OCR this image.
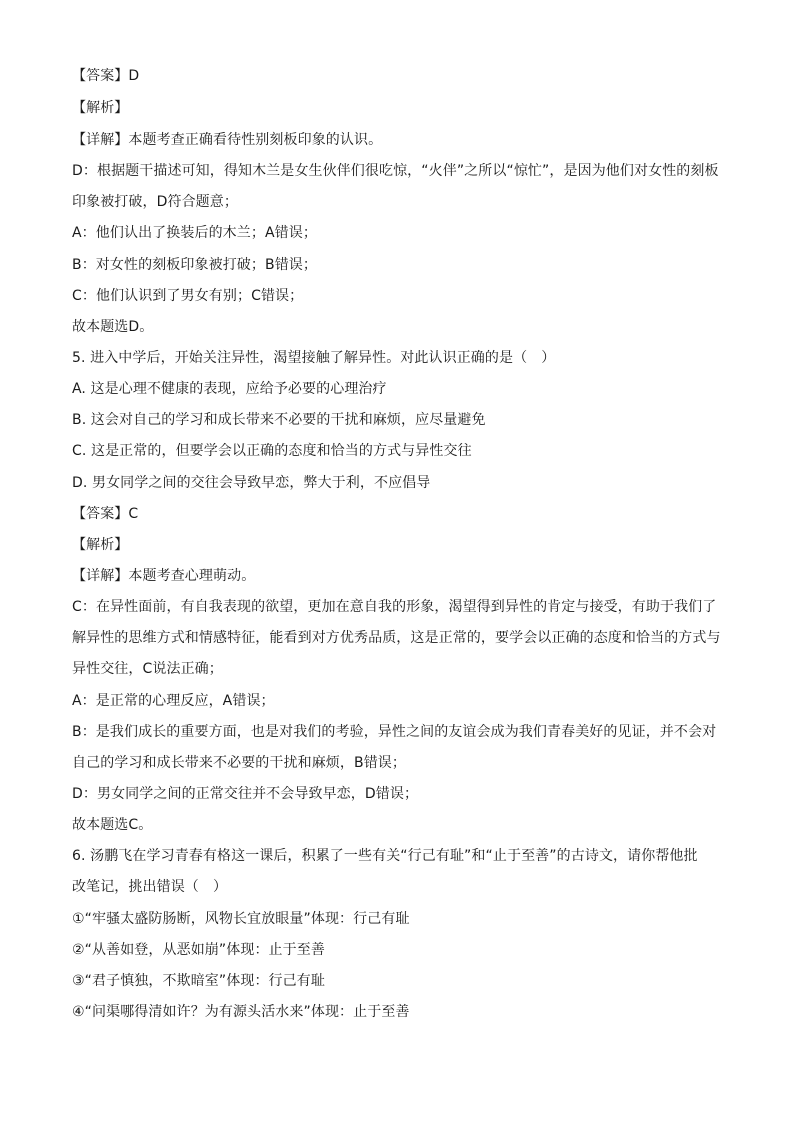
【答案】D
【解析】
【详解】本题考查正确看待性别刻板印象的认识。
D：根据题干描述可知，得知木兰是女生伙伴们很吃惊，“火伴”之所以“惊忙”，是因为他们对女性的刻板
印象被打破，D符合题意；
A：他们认出了换装后的木兰；A错误；
B：对女性的刻板印象被打破；B错误；
C：他们认识到了男女有别；C错误；
故本题选D。
5. 进入中学后，开始关注异性，渴望接触了解异性。对此认识正确的是（　）
A. 这是心理不健康的表现，应给予必要的心理治疗
B. 这会对自己的学习和成长带来不必要的干扰和麻烦，应尽量避免
C. 这是正常的，但要学会以正确的态度和恰当的方式与异性交往
D. 男女同学之间的交往会导致早恋，弊大于利，不应倡导
【答案】C
【解析】
【详解】本题考查心理萌动。
C：在异性面前，有自我表现的欲望，更加在意自我的形象，渴望得到异性的肯定与接受，有助于我们了
解异性的思维方式和情感特征，能看到对方优秀品质，这是正常的，要学会以正确的态度和恰当的方式与
异性交往，C说法正确；
A：是正常的心理反应，A错误；
B：是我们成长的重要方面，也是对我们的考验，异性之间的友谊会成为我们青春美好的见证，并不会对
自己的学习和成长带来不必要的干扰和麻烦，B错误；
D：男女同学之间的正常交往并不会导致早恋，D错误；
故本题选C。
6. 汤鹏飞在学习青春有格这一课后，积累了一些有关“行己有耻”和“止于至善”的古诗文，请你帮他批
改笔记，挑出错误（　）
①“牢骚太盛防肠断，风物长宜放眼量”体现：行己有耻
②“从善如登，从恶如崩”体现：止于至善
③“君子慎独，不欺暗室”体现：行己有耻
④“问渠哪得清如许？为有源头活水来”体现：止于至善
